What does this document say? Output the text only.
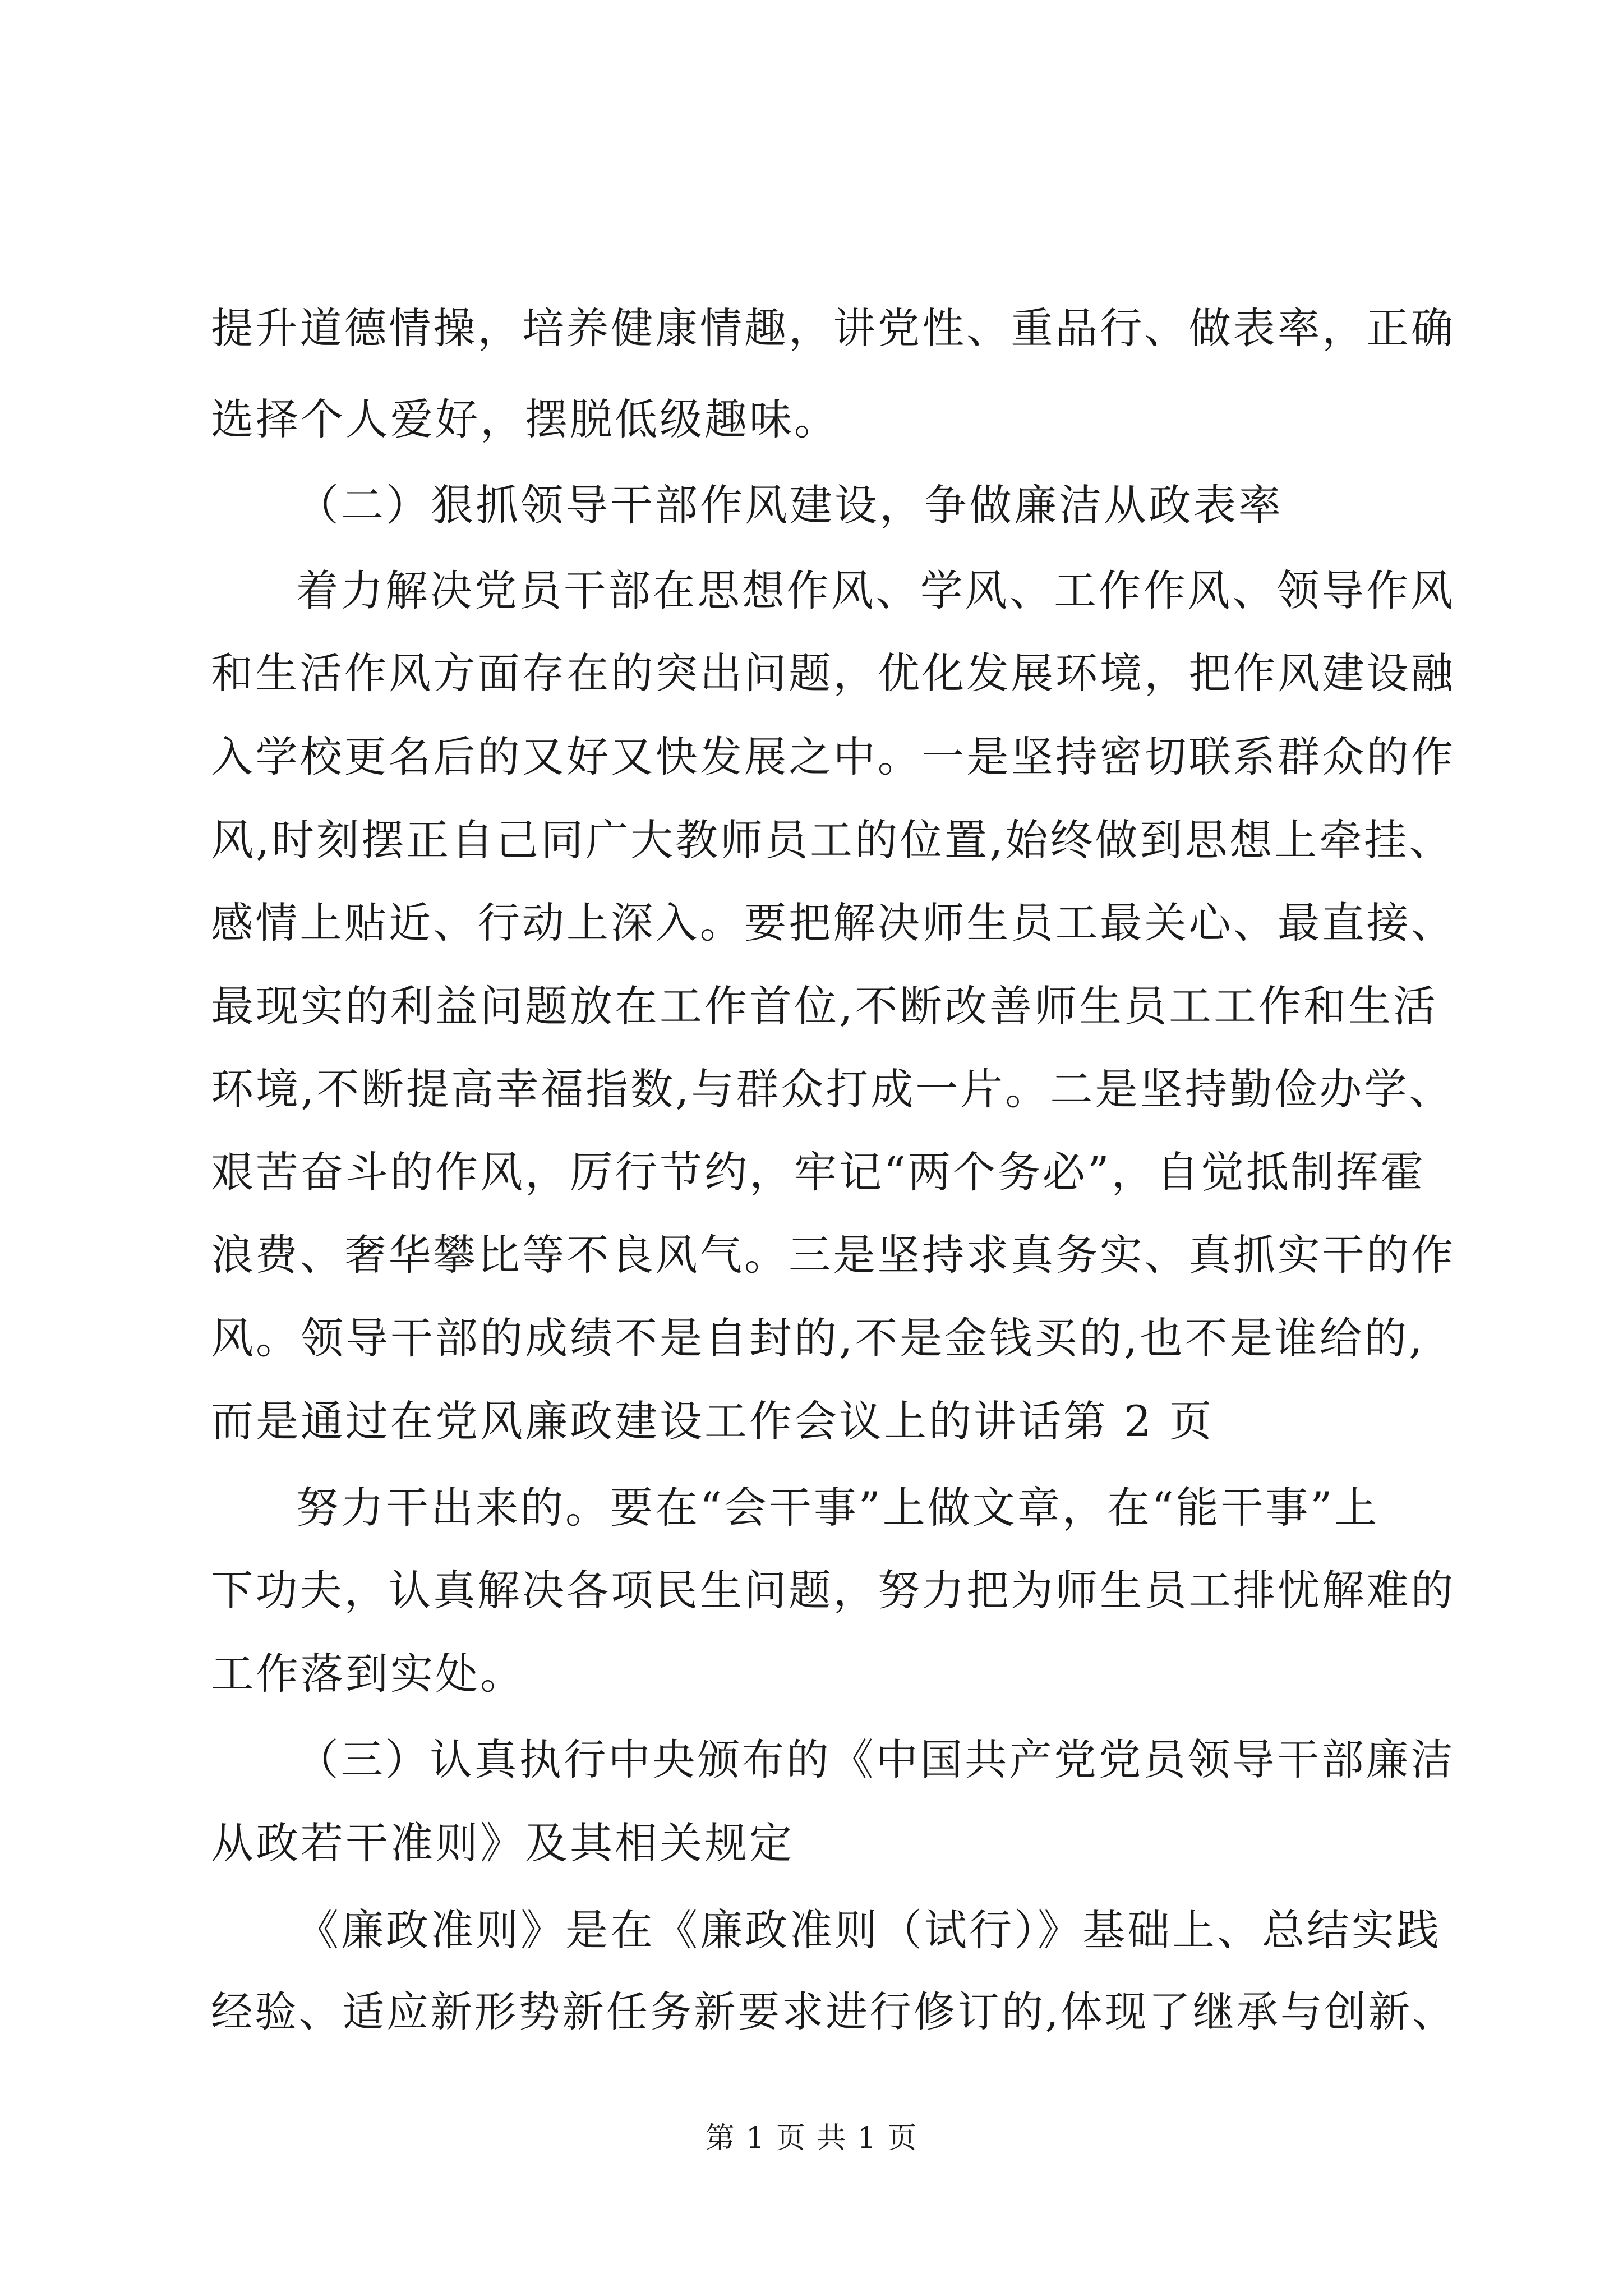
提升道德情操，培养健康情趣，讲党性、重品行、做表率，正确
选择个人爱好，摆脱低级趣味。
（二）狠抓领导干部作风建设，争做廉洁从政表率
着力解决党员干部在思想作风、学风、工作作风、领导作风
和生活作风方面存在的突出问题，优化发展环境，把作风建设融
入学校更名后的又好又快发展之中。一是坚持密切联系群众的作
风,时刻摆正自己同广大教师员工的位置,始终做到思想上牵挂、
感情上贴近、行动上深入。要把解决师生员工最关心、最直接、
最现实的利益问题放在工作首位,不断改善师生员工工作和生活
环境,不断提高幸福指数,与群众打成一片。二是坚持勤俭办学、
艰苦奋斗的作风，厉行节约，牢记“两个务必”，自觉抵制挥霍
浪费、奢华攀比等不良风气。三是坚持求真务实、真抓实干的作
风。领导干部的成绩不是自封的,不是金钱买的,也不是谁给的,
而是通过在党风廉政建设工作会议上的讲话第 2 页
努力干出来的。要在“会干事”上做文章，在“能干事”上
下功夫，认真解决各项民生问题，努力把为师生员工排忧解难的
工作落到实处。
（三）认真执行中央颁布的《中国共产党党员领导干部廉洁
从政若干准则》及其相关规定
《廉政准则》是在《廉政准则（试行）》基础上、总结实践
经验、适应新形势新任务新要求进行修订的,体现了继承与创新、
第 1 页 共 1 页
